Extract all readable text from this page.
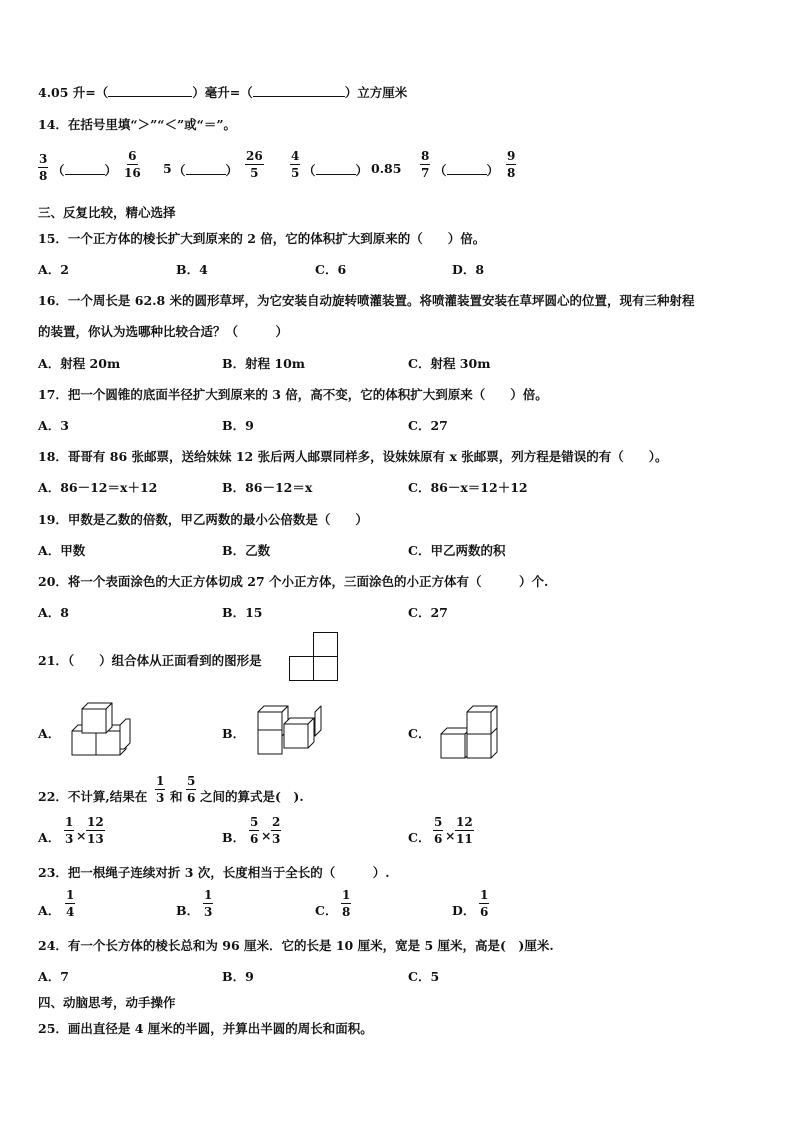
4.05 升=（	）毫升=（	）立方厘米
14．在括号里填“＞”“＜”或“＝”。
$\frac{3}{8}$ （	） $\frac{6}{16} 5$ （	） $\frac{26}{5} \frac{4}{5}$ （	） $0.85 \frac{8}{7}$ （	） $\frac{9}{8}$
三、反复比较，精心选择
15．一个正方体的棱长扩大到原来的 2 倍，它的体积扩大到原来的（　　）倍。
A．2	B．4	C．6	D．8
16．一个周长是 62.8 米的圆形草坪，为它安装自动旋转喷灌装置。将喷灌装置安装在草坪圆心的位置，现有三种射程
的装置，你认为选哪种比较合适？（　　　）
A．射程 20m	B．射程 10m	C．射程 30m
17．把一个圆锥的底面半径扩大到原来的 3 倍，高不变，它的体积扩大到原来（　　）倍。
A．3	B．9	C．27
18．哥哥有 86 张邮票，送给妹妹 12 张后两人邮票同样多，设妹妹原有 x 张邮票，列方程是错误的有（　　）。
A．86－12＝x＋12	B．86－12＝x	C．86－x＝12＋12
19．甲数是乙数的倍数，甲乙两数的最小公倍数是（　　）
A．甲数	B．乙数	C．甲乙两数的积
20．将一个表面涂色的大正方体切成 27 个小正方体，三面涂色的小正方体有（　　　）个.
A．8	B．15	C．27
21．（　　）组合体从正面看到的图形是
A．	B．	C．
22．不计算,结果在 $\frac{1}{3}$ 和 $\frac{5}{6}$ 之间的算式是(　).
A． $\frac{1}{3} \times \frac{12}{13}$	B． $\frac{5}{6} \times \frac{2}{3}$	C． $\frac{5}{6} \times \frac{12}{11}$
23．把一根绳子连续对折 3 次，长度相当于全长的（　　　）.
A． $\frac{1}{4}$	B． $\frac{1}{3}$	C． $\frac{1}{8}$	D． $\frac{1}{6}$
24．有一个长方体的棱长总和为 96 厘米．它的长是 10 厘米，宽是 5 厘米，高是(　)厘米.
A．7	B．9	C．5
四、动脑思考，动手操作
25．画出直径是 4 厘米的半圆，并算出半圆的周长和面积。
